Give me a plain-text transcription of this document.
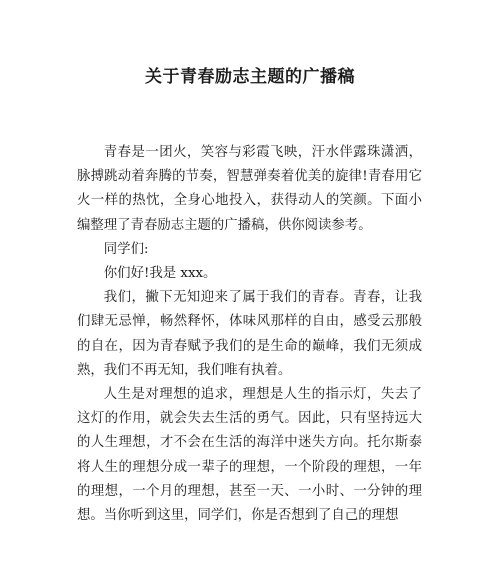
关于青春励志主题的广播稿

青春是一团火，笑容与彩霞飞映，汗水伴露珠潇洒，脉搏跳动着奔腾的节奏，智慧弹奏着优美的旋律!青春用它火一样的热忱，全身心地投入，获得动人的笑颜。下面小编整理了青春励志主题的广播稿，供你阅读参考。

同学们:

你们好!我是 xxx。

我们，撇下无知迎来了属于我们的青春。青春，让我们肆无忌惮，畅然释怀，体味风那样的自由，感受云那般的自在，因为青春赋予我们的是生命的巅峰，我们无须成熟，我们不再无知，我们唯有执着。

人生是对理想的追求，理想是人生的指示灯，失去了这灯的作用，就会失去生活的勇气。因此，只有坚持远大的人生理想，才不会在生活的海洋中迷失方向。托尔斯泰将人生的理想分成一辈子的理想，一个阶段的理想，一年的理想，一个月的理想，甚至一天、一小时、一分钟的理想。当你听到这里，同学们，你是否想到了自己的理想
